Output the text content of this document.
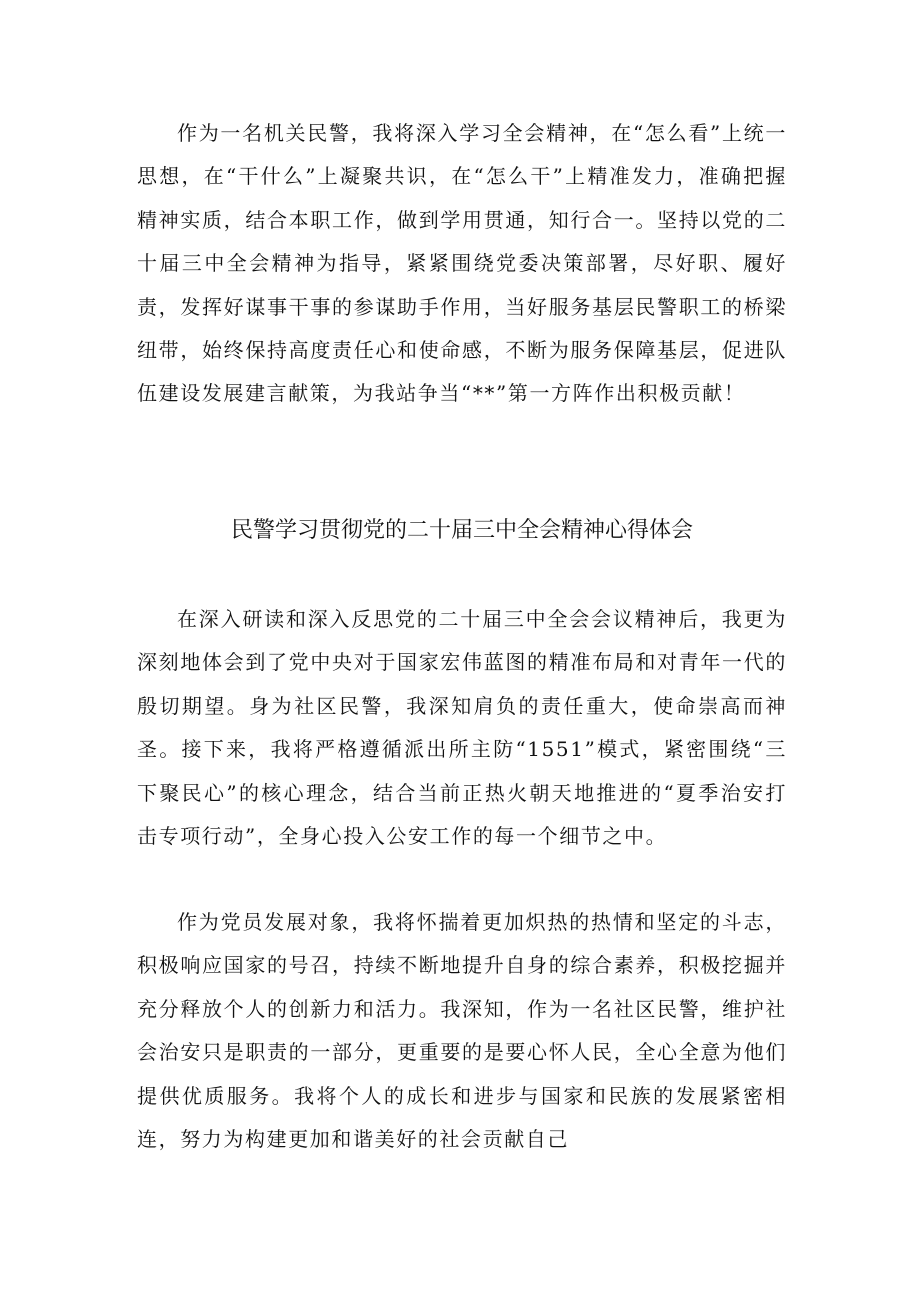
作为一名机关民警，我将深入学习全会精神，在“怎么看”上统一思想，在“干什么”上凝聚共识，在“怎么干”上精准发力，准确把握精神实质，结合本职工作，做到学用贯通，知行合一。坚持以党的二十届三中全会精神为指导，紧紧围绕党委决策部署，尽好职、履好责，发挥好谋事干事的参谋助手作用，当好服务基层民警职工的桥梁纽带，始终保持高度责任心和使命感，不断为服务保障基层，促进队伍建设发展建言献策，为我站争当“**”第一方阵作出积极贡献！

民警学习贯彻党的二十届三中全会精神心得体会

在深入研读和深入反思党的二十届三中全会会议精神后，我更为深刻地体会到了党中央对于国家宏伟蓝图的精准布局和对青年一代的殷切期望。身为社区民警，我深知肩负的责任重大，使命崇高而神圣。接下来，我将严格遵循派出所主防“1551”模式，紧密围绕“三下聚民心”的核心理念，结合当前正热火朝天地推进的“夏季治安打击专项行动”，全身心投入公安工作的每一个细节之中。

作为党员发展对象，我将怀揣着更加炽热的热情和坚定的斗志，积极响应国家的号召，持续不断地提升自身的综合素养，积极挖掘并充分释放个人的创新力和活力。我深知，作为一名社区民警，维护社会治安只是职责的一部分，更重要的是要心怀人民，全心全意为他们提供优质服务。我将个人的成长和进步与国家和民族的发展紧密相连，努力为构建更加和谐美好的社会贡献自己
